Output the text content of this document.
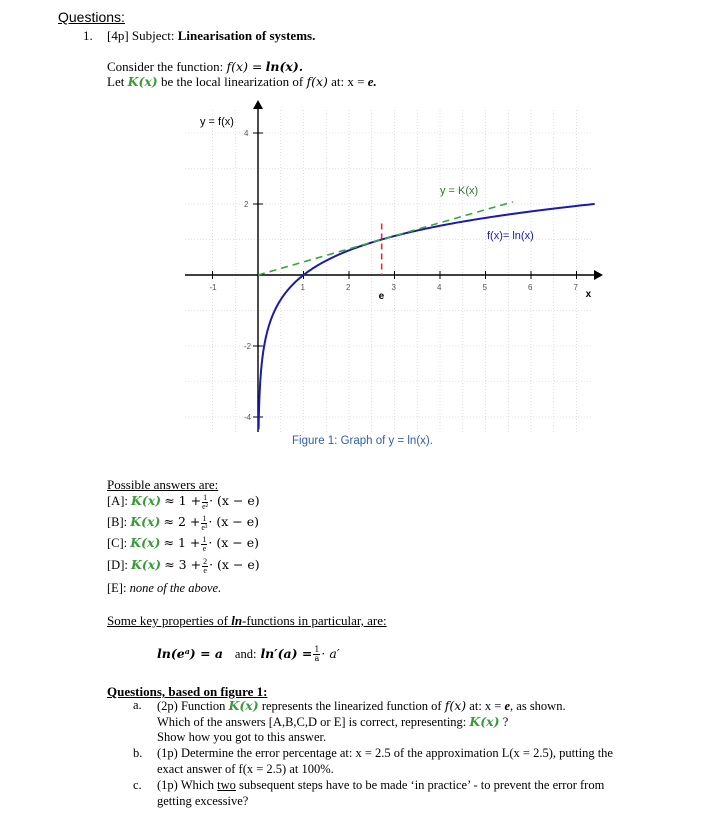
Questions:
1. [4p] Subject: Linearisation of systems.
Consider the function: f(x) = ln(x).
Let K(x) be the local linearization of f(x) at: x = e.
-1	1	2	3	4	5	6	7
4
2
-2
-4
y = f(x)
x
y = K(x)
f(x)= ln(x)
e
Figure 1: Graph of y = ln(x).
Possible answers are:
[A]: $K(x) \approx 1 + \frac{1}{\text{e²}} \cdot (x - e)$
[B]: $K(x) \approx 2 + \frac{1}{\text{e³}} \cdot (x - e)$
[C]: $K(x) \approx 1 + \frac{1}{e} \cdot (x - e)$
[D]: $K(x) \approx 3 + \frac{2}{e} \cdot (x - e)$
[E]: none of the above.
Some key properties of ln-functions in particular, are:
ln(eᵃ) = a and: $\ln'(a) = \frac{1}{a} \cdot a'$
Questions, based on figure 1:
a. (2p) Function K(x) represents the linearized function of f(x) at: x = e, as shown.
Which of the answers [A,B,C,D or E] is correct, representing: K(x) ?
Show how you got to this answer.
b. (1p) Determine the error percentage at: x = 2.5 of the approximation L(x = 2.5), putting the
exact answer of f(x = 2.5) at 100%.
c. (1p) Which two subsequent steps have to be made ‘in practice’ - to prevent the error from
getting excessive?
